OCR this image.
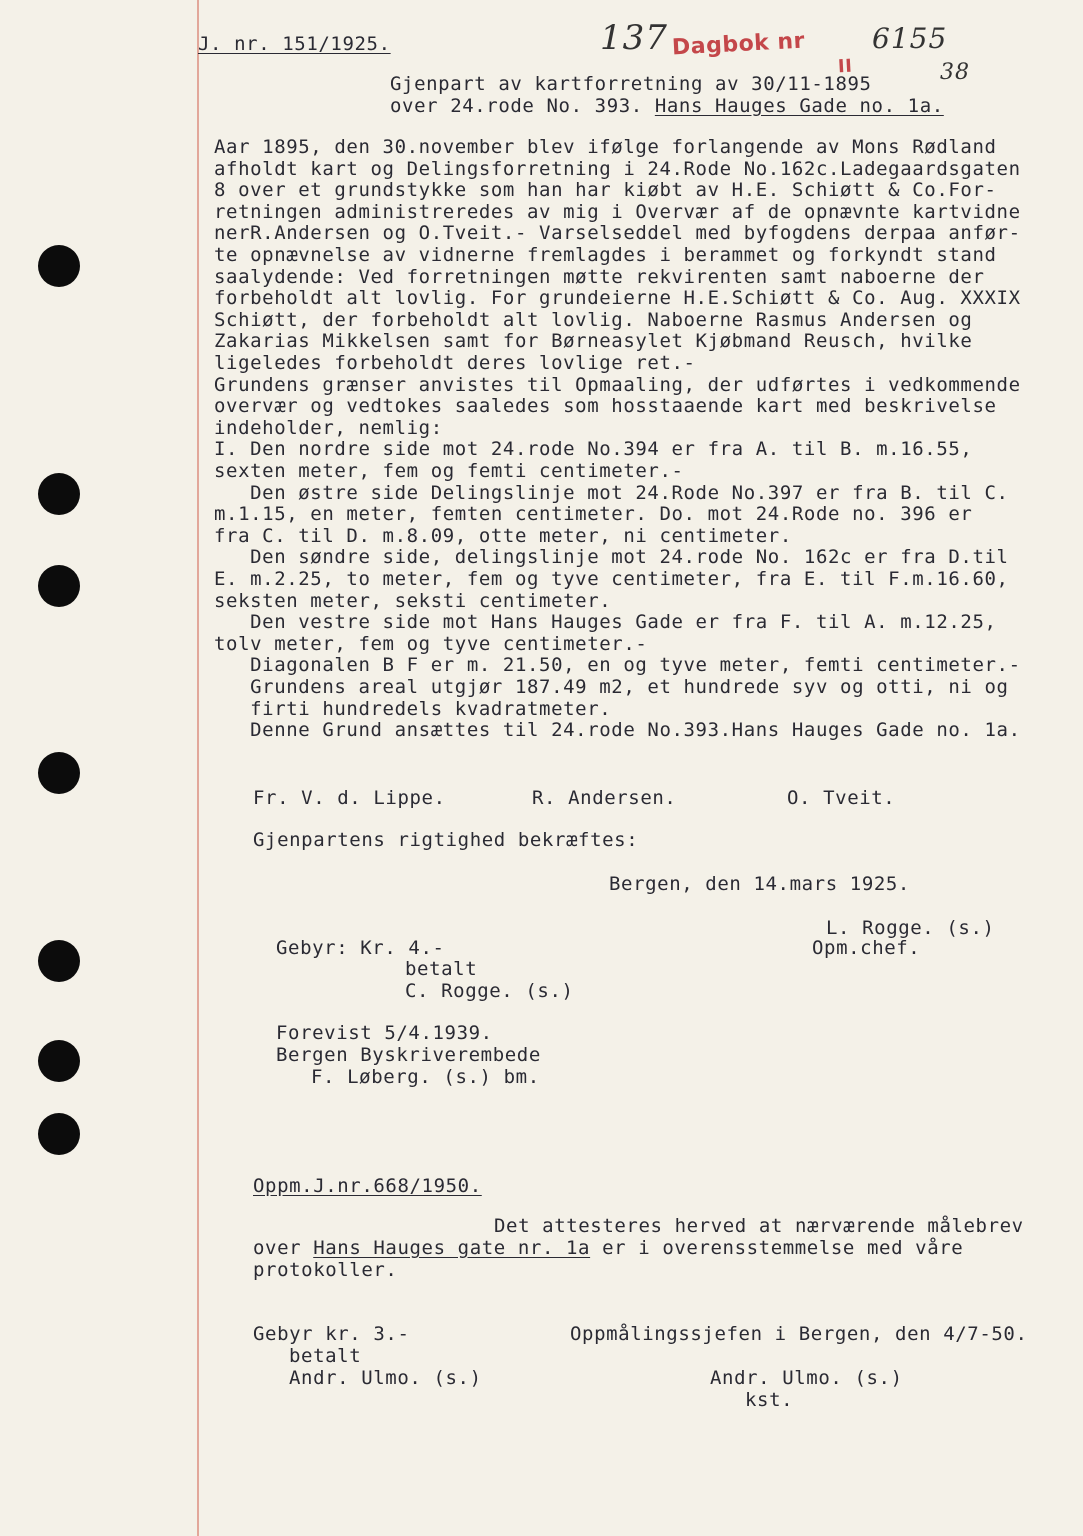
J. nr. 151/1925.	137 Dagbok nr 6155
II	38
Gjenpart av kartforretning av 30/11-1895
over 24.rode No. 393. Hans Hauges Gade no. 1a.
Aar 1895, den 30.november blev ifølge forlangende av Mons Rødland
afholdt kart og Delingsforretning i 24.Rode No.162c.Ladegaardsgaten
8 over et grundstykke som han har kiøbt av H.E. Schiøtt & Co.For-
retningen administreredes av mig i Overvær af de opnævnte kartvidne
nerR.Andersen og O.Tveit.- Varselseddel med byfogdens derpaa anfør-
te opnævnelse av vidnerne fremlagdes i berammet og forkyndt stand
saalydende: Ved forretningen møtte rekvirenten samt naboerne der
forbeholdt alt lovlig. For grundeierne H.E.Schiøtt & Co. Aug. XXXIX
Schiøtt, der forbeholdt alt lovlig. Naboerne Rasmus Andersen og
Zakarias Mikkelsen samt for Børneasylet Kjøbmand Reusch, hvilke
ligeledes forbeholdt deres lovlige ret.-
Grundens grænser anvistes til Opmaaling, der udførtes i vedkommende
overvær og vedtokes saaledes som hosstaaende kart med beskrivelse
indeholder, nemlig:
I. Den nordre side mot 24.rode No.394 er fra A. til B. m.16.55,
sexten meter, fem og femti centimeter.-
Den østre side Delingslinje mot 24.Rode No.397 er fra B. til C.
m.1.15, en meter, femten centimeter. Do. mot 24.Rode no. 396 er
fra C. til D. m.8.09, otte meter, ni centimeter.
Den søndre side, delingslinje mot 24.rode No. 162c er fra D.til
E. m.2.25, to meter, fem og tyve centimeter, fra E. til F.m.16.60,
seksten meter, seksti centimeter.
Den vestre side mot Hans Hauges Gade er fra F. til A. m.12.25,
tolv meter, fem og tyve centimeter.-
Diagonalen B F er m. 21.50, en og tyve meter, femti centimeter.-
Grundens areal utgjør 187.49 m2, et hundrede syv og otti, ni og
firti hundredels kvadratmeter.
Denne Grund ansættes til 24.rode No.393.Hans Hauges Gade no. 1a.
Fr. V. d. Lippe.	R. Andersen.	O. Tveit.
Gjenpartens rigtighed bekræftes:
Bergen, den 14.mars 1925.
L. Rogge. (s.)
Opm.chef.
Gebyr: Kr. 4.-
betalt
C. Rogge. (s.)
Forevist 5/4.1939.
Bergen Byskriverembede
F. Løberg. (s.) bm.
Oppm.J.nr.668/1950.
Det attesteres herved at nærværende målebrev
over Hans Hauges gate nr. 1a er i overensstemmelse med våre
protokoller.
Gebyr kr. 3.-
betalt
Andr. Ulmo. (s.)
Oppmålingssjefen i Bergen, den 4/7-50.
Andr. Ulmo. (s.)
kst.
